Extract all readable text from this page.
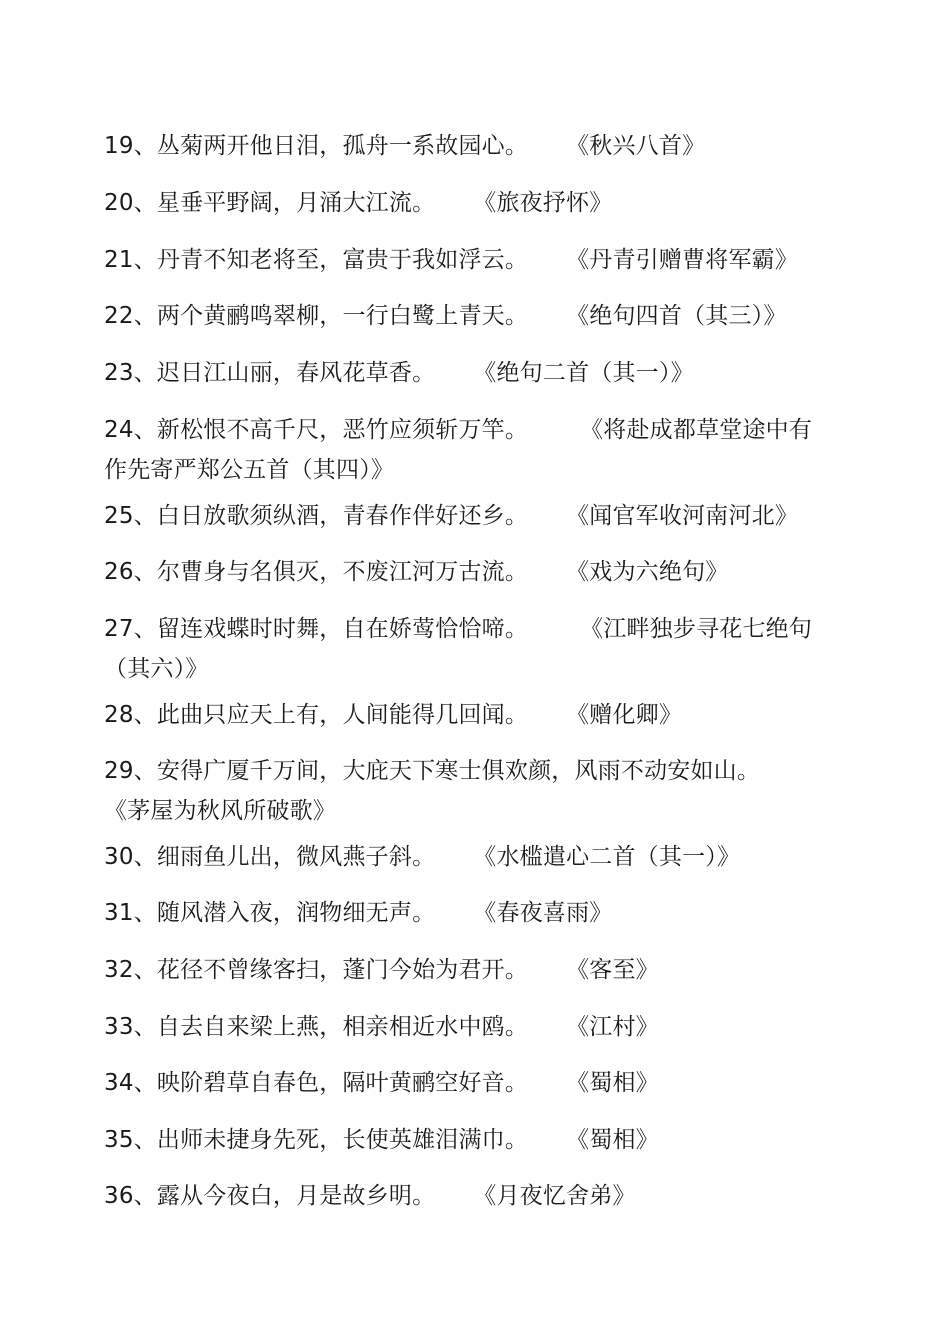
19、丛菊两开他日泪，孤舟一系故园心。 《秋兴八首》
20、星垂平野阔，月涌大江流。 《旅夜抒怀》
21、丹青不知老将至，富贵于我如浮云。 《丹青引赠曹将军霸》
22、两个黄鹂鸣翠柳，一行白鹭上青天。 《绝句四首（其三）》
23、迟日江山丽，春风花草香。 《绝句二首（其一）》
24、新松恨不高千尺，恶竹应须斩万竿。 《将赴成都草堂途中有
作先寄严郑公五首（其四）》
25、白日放歌须纵酒，青春作伴好还乡。 《闻官军收河南河北》
26、尔曹身与名俱灭，不废江河万古流。 《戏为六绝句》
27、留连戏蝶时时舞，自在娇莺恰恰啼。 《江畔独步寻花七绝句
（其六）》
28、此曲只应天上有，人间能得几回闻。 《赠化卿》
29、安得广厦千万间，大庇天下寒士俱欢颜，风雨不动安如山。
《茅屋为秋风所破歌》
30、细雨鱼儿出，微风燕子斜。 《水槛遣心二首（其一）》
31、随风潜入夜，润物细无声。 《春夜喜雨》
32、花径不曾缘客扫，蓬门今始为君开。 《客至》
33、自去自来梁上燕，相亲相近水中鸥。 《江村》
34、映阶碧草自春色，隔叶黄鹂空好音。 《蜀相》
35、出师未捷身先死，长使英雄泪满巾。 《蜀相》
36、露从今夜白，月是故乡明。 《月夜忆舍弟》
